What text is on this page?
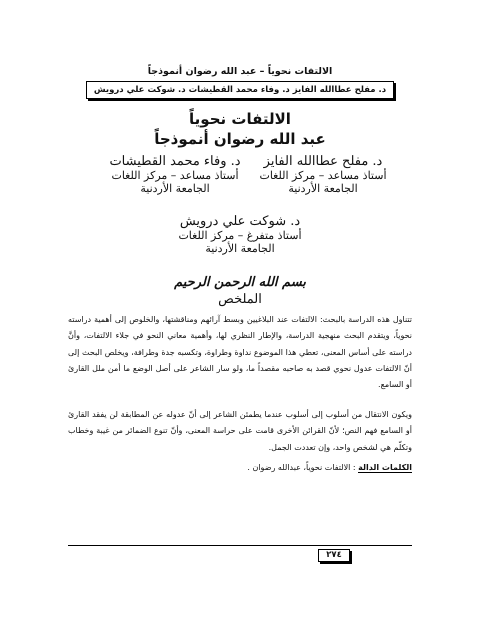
الالتفات نحوياً – عبد الله رضوان أنموذجاً
د. مفلح عطاالله الفايز د. وفاء محمد القطيشات د. شوكت علي درويش
الالتفات نحوياً
عبد الله رضوان أنموذجاً
د. مفلح عطاالله الفايز
أستاذ مساعد – مركز اللغات
الجامعة الأردنية
د. وفاء محمد القطيشات
أستاذ مساعد – مركز اللغات
الجامعة الأردنية
د. شوكت علي درويش
أستاذ متفرغ – مركز اللغات
الجامعة الأردنية
بسم الله الرحمن الرحيم
الملخص

تتناول هذه الدراسة بالبحث: الالتفات عند البلاغيين وبسط آرائهم ومناقشتها، والخلوص إلى أهمية دراسته نحوياً، ويتقدم البحث منهجية الدراسة، والإطار النظري لها، وأهمية معاني النحو في جلاء الالتفات، وأنَّ دراسته على أساس المعنى، تعطي هذا الموضوع نداوة وطراوة، وتكسبه جدة وطرافة، ويخلص البحث إلى أنّ الالتفات عدول نحوي قصد به صاحبه مقصداً ما، ولو سار الشاعر على أصل الوضع ما أمن ملل القارئ أو السامع.

ويكون الانتقال من أسلوب إلى أسلوب عندما يطمئن الشاعر إلى أنّ عدوله عن المطابقة لن يفقد القارئ أو السامع فهم النص؛ لأنّ القرائن الأخرى قامت على حراسة المعنى، وأنّ تنوع الضمائر من غيبة وخطاب وتكلّم هي لشخص واحد، وإن تعددت الجمل.

الكلمات الدالة : الالتفات نحوياً، عبدالله رضوان .
٢٧٤
